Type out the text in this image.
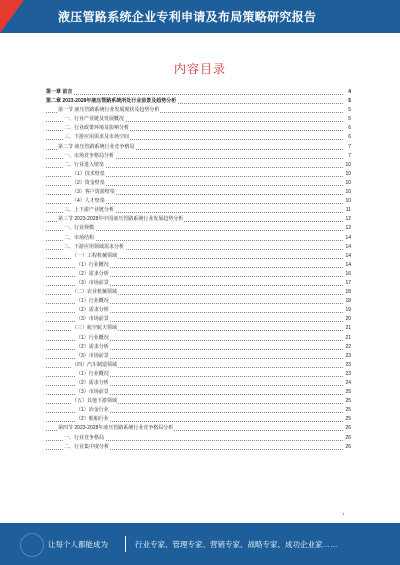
液压管路系统企业专利申请及布局策略研究报告
内容目录
第一章 前言	4
第二章 2023-2028年液压管路系统所处行业前景及趋势分析	5
第一节 液压管路系统行业发展现状及趋势分析	5
一、行业产业链及发展概况	5
二、行业政策环境及影响分析	6
三、下游应用需求及市场空间	6
第二节 液压管路系统行业竞争格局	7
一、市场竞争格局分析	7
二、行业进入壁垒	10
（1）技术壁垒	10
（2）资金壁垒	10
（3）客户资源壁垒	10
（4）人才壁垒	10
三、上下游产业链分析	11
第三节 2023-2028年中国液压管路系统行业发展趋势分析	12
一、行业规模	12
二、市场结构	14
三、下游应用领域需求分析	14
（一）工程机械领域	14
（1）行业概况	14
（2）需求分析	16
（3）市场前景	17
（二）农业机械领域	18
（1）行业概况	18
（2）需求分析	19
（3）市场前景	20
（三）航空航天领域	21
（1）行业概况	21
（2）需求分析	22
（3）市场前景	23
（四）汽车制造领域	23
（1）行业概况	23
（2）需求分析	24
（3）市场前景	25
（五）其他下游领域	25
（1）冶金行业	25
（2）船舶行业	25
第四节 2023-2028年液压管路系统行业竞争格局分析	26
一、行业竞争格局	26
二、行业集中度分析	26
1
让每个人都能成为	行业专家、管理专家、营销专家、战略专家、成功企业家……
